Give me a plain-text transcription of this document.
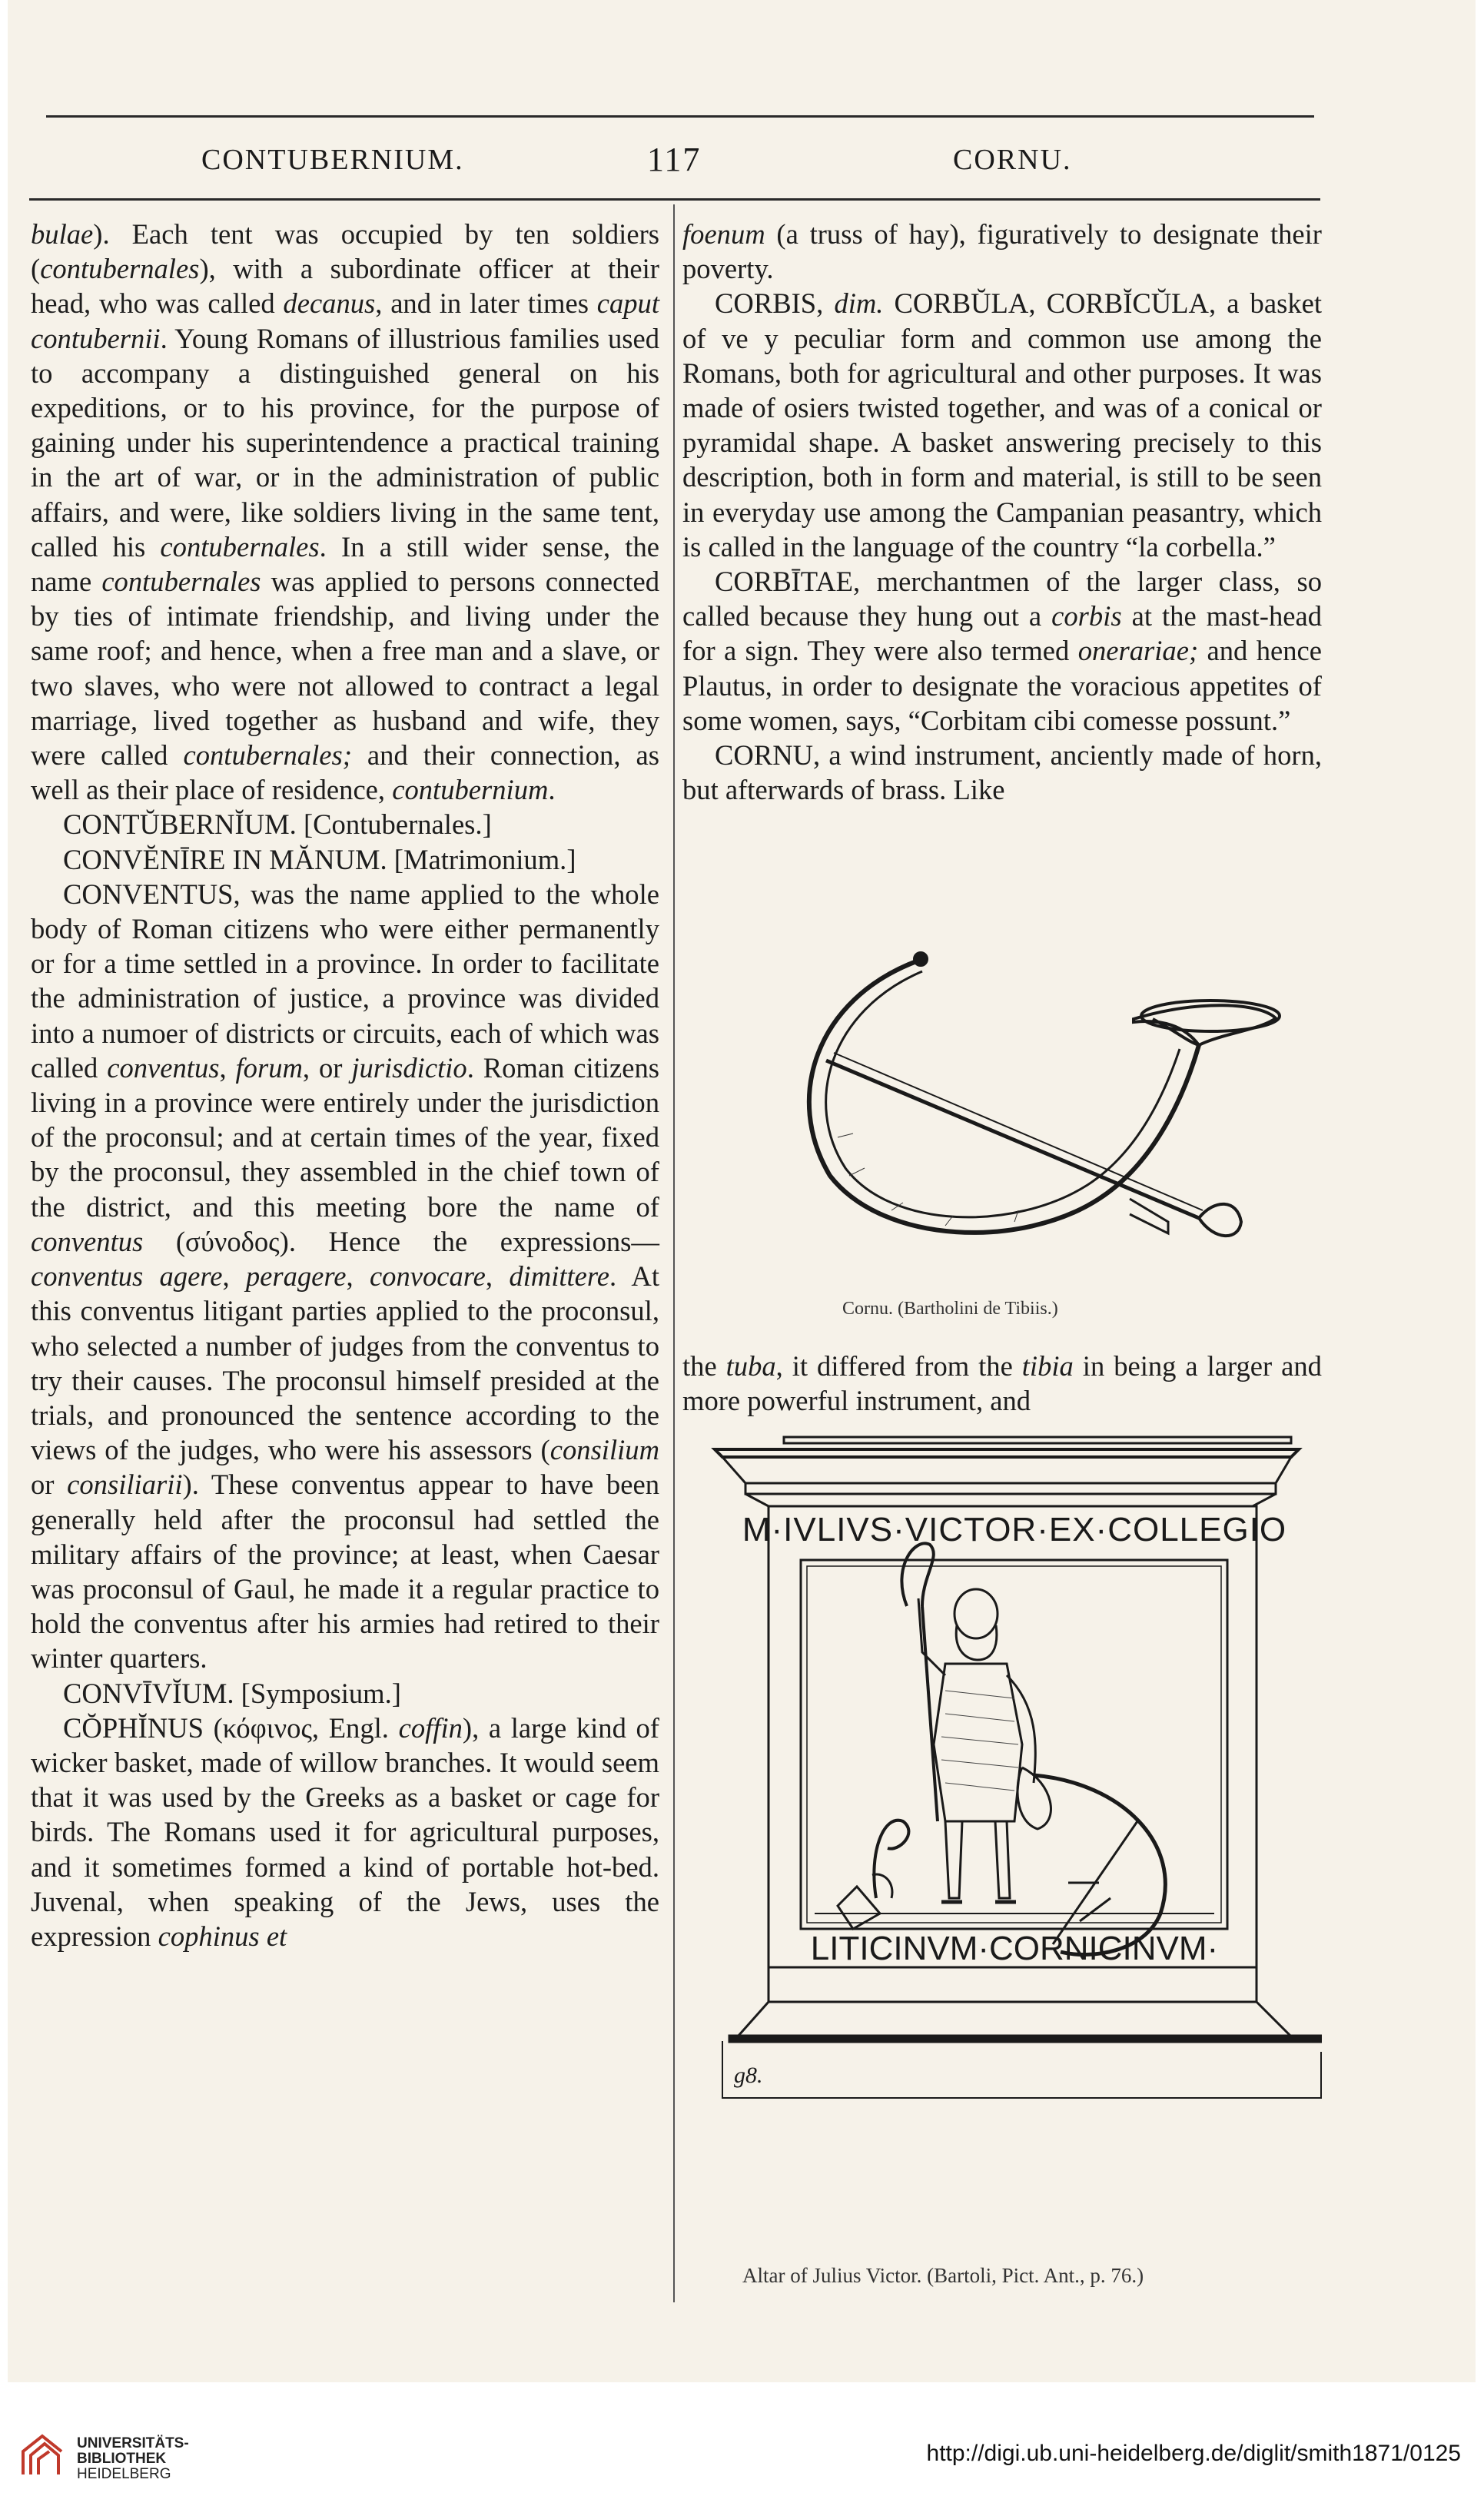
CONTUBERNIUM.	117	CORNU.

bulae). Each tent was occupied by ten soldiers (contubernales), with a subordinate officer at their head, who was called decanus, and in later times caput contubernii. Young Romans of illustrious families used to accompany a distinguished general on his expeditions, or to his province, for the purpose of gaining under his superintendence a practical training in the art of war, or in the administration of public affairs, and were, like soldiers living in the same tent, called his contubernales. In a still wider sense, the name contubernales was applied to persons connected by ties of intimate friendship, and living under the same roof; and hence, when a free man and a slave, or two slaves, who were not allowed to contract a legal marriage, lived together as husband and wife, they were called contubernales; and their connection, as well as their place of residence, contubernium.

CONTŬBERNĬUM. [Contubernales.]

CONVĔNĪRE IN MĂNUM. [Matrimonium.]

CONVENTUS, was the name applied to the whole body of Roman citizens who were either permanently or for a time settled in a province. In order to facilitate the administration of justice, a province was divided into a numoer of districts or circuits, each of which was called conventus, forum, or jurisdictio. Roman citizens living in a province were entirely under the jurisdiction of the proconsul; and at certain times of the year, fixed by the proconsul, they assembled in the chief town of the district, and this meeting bore the name of conventus (σύνοδος). Hence the expressions—conventus agere, peragere, convocare, dimittere. At this conventus litigant parties applied to the proconsul, who selected a number of judges from the conventus to try their causes. The proconsul himself presided at the trials, and pronounced the sentence according to the views of the judges, who were his assessors (consilium or consiliarii). These conventus appear to have been generally held after the proconsul had settled the military affairs of the province; at least, when Caesar was proconsul of Gaul, he made it a regular practice to hold the conventus after his armies had retired to their winter quarters.

CONVĪVĬUM. [Symposium.]

CŎPHĬNUS (κόφινος, Engl. coffin), a large kind of wicker basket, made of willow branches. It would seem that it was used by the Greeks as a basket or cage for birds. The Romans used it for agricultural purposes, and it sometimes formed a kind of portable hot-bed. Juvenal, when speaking of the Jews, uses the expression cophinus et

foenum (a truss of hay), figuratively to designate their poverty.

CORBIS, dim. CORBŬLA, CORBĬCŬLA, a basket of ve y peculiar form and common use among the Romans, both for agricultural and other purposes. It was made of osiers twisted together, and was of a conical or pyramidal shape. A basket answering precisely to this description, both in form and material, is still to be seen in everyday use among the Campanian peasantry, which is called in the language of the country “la corbella.”

CORBĪTAE, merchantmen of the larger class, so called because they hung out a corbis at the mast-head for a sign. They were also termed onerariae; and hence Plautus, in order to designate the voracious appetites of some women, says, “Corbitam cibi comesse possunt.”

CORNU, a wind instrument, anciently made of horn, but afterwards of brass. Like

Cornu. (Bartholini de Tibiis.)

the tuba, it differed from the tibia in being a larger and more powerful instrument, and

M·IVLIVS·VICTOR·EX·COLLEGIO
LITICINVM·CORNICINVM·
g8.
Altar of Julius Victor. (Bartoli, Pict. Ant., p. 76.)
UNIVERSITÄTS-
BIBLIOTHEK
HEIDELBERG
http://digi.ub.uni-heidelberg.de/diglit/smith1871/0125
